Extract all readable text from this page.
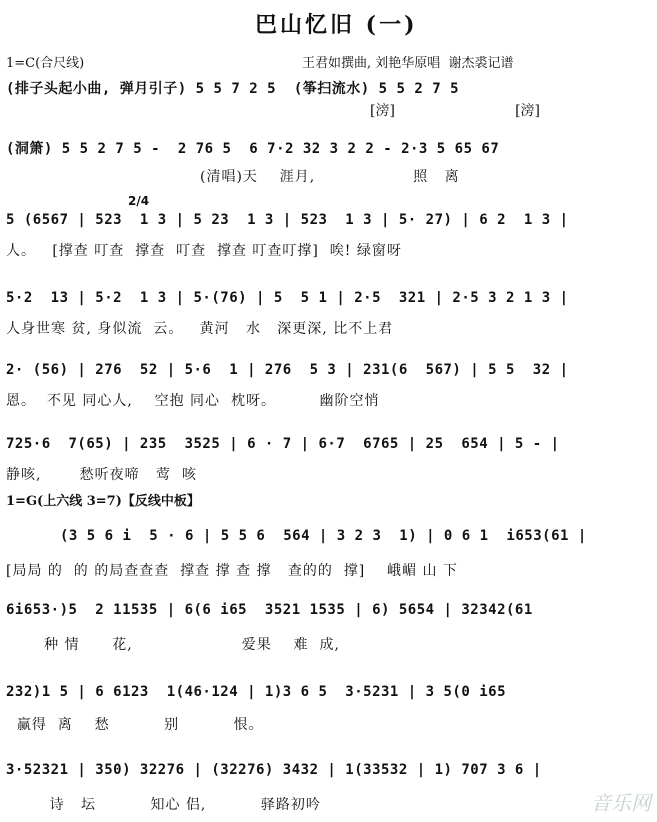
巴山忆旧 (一)
1=C(合尺线)	王君如撰曲, 刘艳华原唱  谢杰裘记谱
(排子头起小曲, 弹月引子) 5 5 7 2 5  (筝扫流水) 5 5 2 7 5
[滂]                           [滂]
(洞箫) 5 5 2 7 5 -  2 76 5  6 7·2 32 3 2 2 - 2·3 5 65 67
(清唱)天    涯月,                  照   离
2/4
5 (6567 | 523  1 3 | 5 23  1 3 | 523  1 3 | 5· 27) | 6 2  1 3 |
人。   [撑查 叮查  撑查  叮查  撑查 叮查叮撑]  唉! 绿窗呀
5·2  13 | 5·2  1 3 | 5·(76) | 5  5 1 | 2·5  321 | 2·5 3 2 1 3 |
人身世寒 贫, 身似流  云。   黄河   水   深更深, 比不上君
2· (56) | 276  52 | 5·6  1 | 276  5 3 | 231(6  567) | 5 5  32 |
恩。  不见 同心人,    空抱 同心  枕呀。        幽阶空悄
725·6  7(65) | 235  3525 | 6 · 7 | 6·7  6765 | 25  654 | 5 - |
静咳,       愁听夜啼   莺  咳
1=G(上六线 3=7)【反线中板】
(3 5 6 i  5 · 6 | 5 5 6  564 | 3 2 3  1) | 0 6 1  i653(61 |
[局局 的  的 的局查查查  撑查 撑 查 撑   查的的  撑]    峨嵋 山 下
6i653·)5  2 11535 | 6(6 i65  3521 1535 | 6) 5654 | 32342(61
种 情      花,                    爱果    难  成,
232)1 5 | 6 6123  1(46·124 | 1)3 6 5  3·5231 | 3 5(0 i65
赢得  离    愁          别          恨。
3·52321 | 350) 32276 | (32276) 3432 | 1(33532 | 1) 707 3 6 |
诗   坛          知心 侣,          驿路初吟	音乐网
